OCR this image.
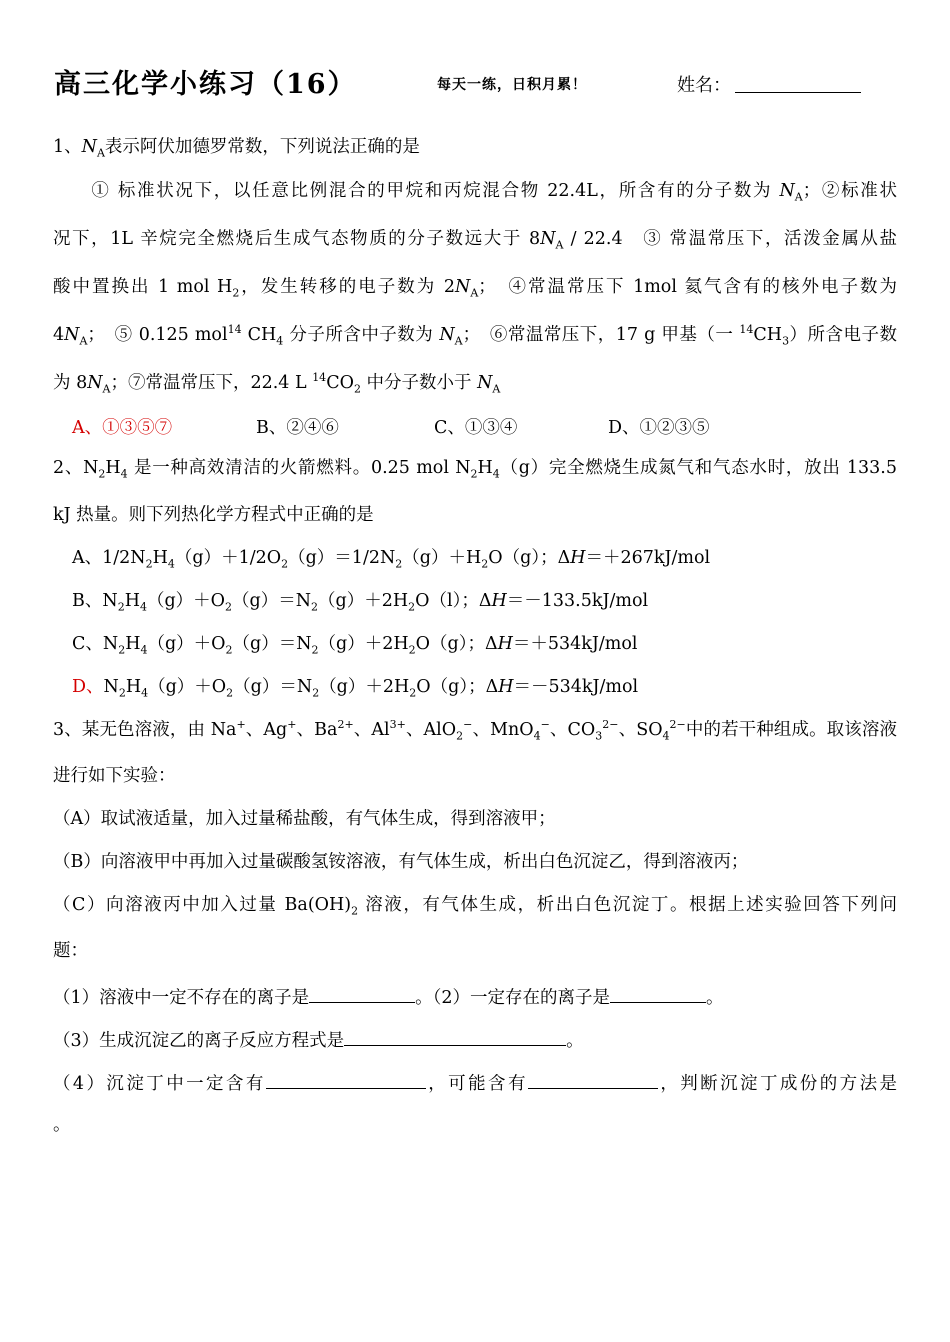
高三化学小练习（16）	每天一练，日积月累！	姓名：
1、$N_A$表示阿伏加德罗常数，下列说法正确的是
　　① 标准状况下，以任意比例混合的甲烷和丙烷混合物 22.4L，所含有的分子数为 $N_A$；②标准状
况下，1L 辛烷完全燃烧后生成气态物质的分子数远大于 $8N_A / 22.4$　③ 常温常压下，活泼金属从盐
酸中置换出 1 mol $H_2$，发生转移的电子数为 $2N_A$；　④常温常压下 1mol 氦气含有的核外电子数为
$4N_A$；　⑤ 0.125 mol$^{14}$ $CH_4$ 分子所含中子数为 $N_A$；　⑥常温常压下，17 g 甲基（一 $^{14}CH_3$）所含电子数
为 $8N_A$；⑦常温常压下，22.4 L $^{14}CO_2$ 中分子数小于 $N_A$
A、①③⑤⑦	B、②④⑥	C、①③④	D、①②③⑤
2、$N_2H_4$ 是一种高效清洁的火箭燃料。0.25 mol $N_2H_4(g)$完全燃烧生成氮气和气态水时，放出 133.5
kJ 热量。则下列热化学方程式中正确的是
A、$1/2N_2H_4(g)+1/2O_2(g)=1/2N_2(g)+H_2O(g)$；ΔH＝＋267kJ/mol
B、$N_2H_4(g)+O_2(g)=N_2(g)+2H_2O(l)$；ΔH＝－133.5kJ/mol
C、$N_2H_4(g)+O_2(g)=N_2(g)+2H_2O(g)$；ΔH＝＋534kJ/mol
D、$N_2H_4(g)+O_2(g)=N_2(g)+2H_2O(g)$；ΔH＝－534kJ/mol
3、某无色溶液，由 Na+、Ag+、$Ba^{2+}$、$Al^{3+}$、AlO$_2$−、MnO$_4$−、$CO_3^{2-}$、$SO_4^{2-}$中的若干种组成。取该溶液
进行如下实验：
（A）取试液适量，加入过量稀盐酸，有气体生成，得到溶液甲；
（B）向溶液甲中再加入过量碳酸氢铵溶液，有气体生成，析出白色沉淀乙，得到溶液丙；
（C）向溶液丙中加入过量 $Ba(OH)_2$ 溶液，有气体生成，析出白色沉淀丁。根据上述实验回答下列问
题：
（1）溶液中一定不存在的离子是	。（2）一定存在的离子是	。
（3）生成沉淀乙的离子反应方程式是	。
（4）沉淀丁中一定含有	，可能含有	，判断沉淀丁成份的方法是
。
